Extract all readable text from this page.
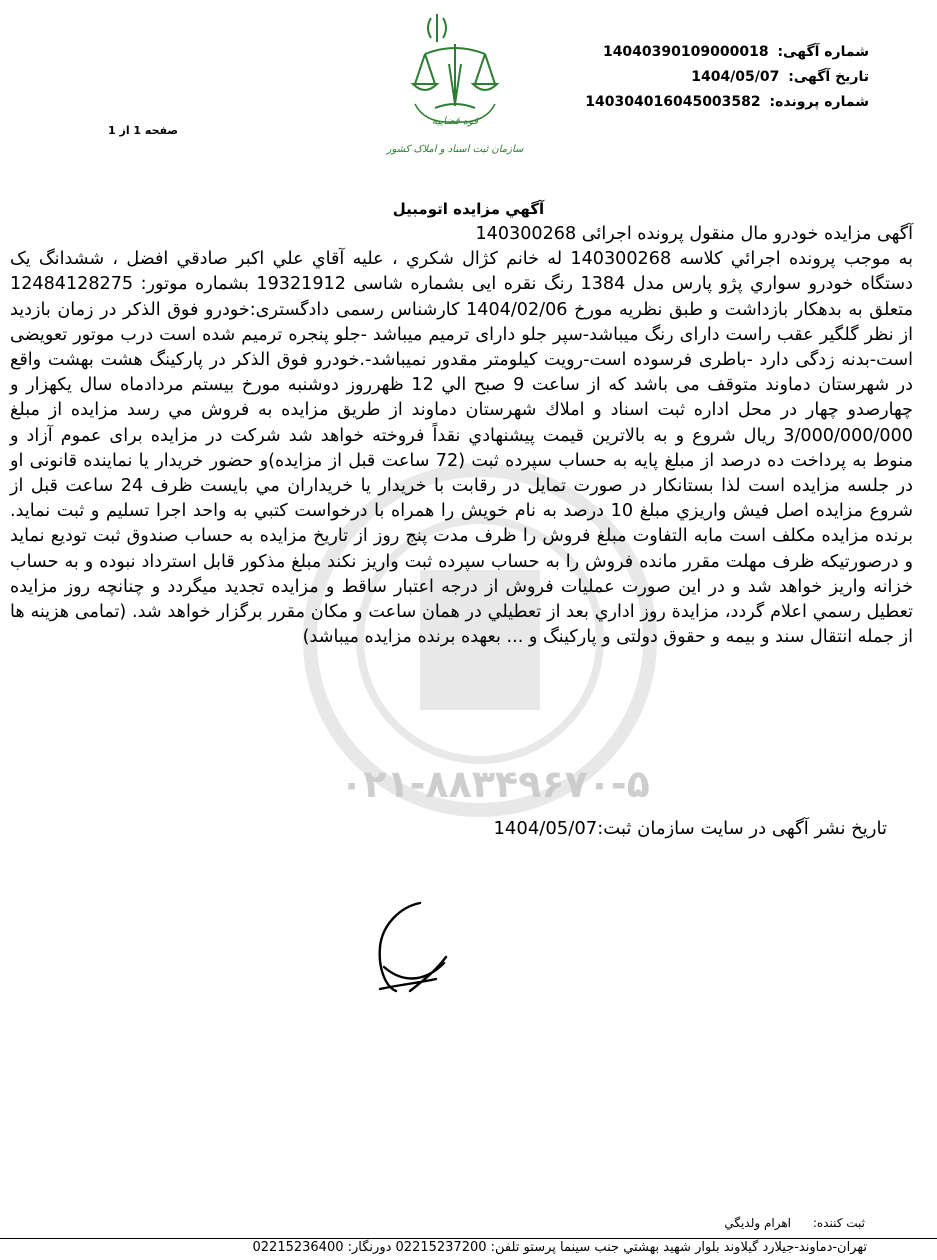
قوه قضاییه
سازمان ثبت اسناد و املاک کشور
شماره آگهی: 14040390109000018
تاریخ آگهی: 1404/05/07
شماره پرونده: 14030401604500358​2
صفحه 1 از 1
۰۲۱-۸۸۳۴۹۶۷۰-۵
آگهي مزایده اتومبیل

آگهی مزایده خودرو مال منقول پرونده اجرائی 140300268

به موجب پرونده اجرائي كلاسه 140300268 له خانم كژال شكري ، علیه آقاي علي اكبر صادقي افضل ، ششدانگ یک دستگاه خودرو سواري پژو پارس مدل 1384 رنگ نقره ایی بشماره شاسی 19321912 بشماره موتور: 12484128275 متعلق به بدهکار بازداشت و طبق نظریه مورخ 1404/02/06 کارشناس رسمی دادگستری:خودرو فوق الذکر در زمان بازدید از نظر گلگیر عقب راست دارای رنگ میباشد-سپر جلو دارای ترمیم میباشد -جلو پنجره ترمیم شده است درب موتور تعویضی است-بدنه زدگی دارد -باطری فرسوده است-رویت کیلومتر مقدور نمیباشد-.خودرو فوق الذکر در پارکینگ هشت بهشت واقع در شهرستان دماوند متوقف می باشد که از ساعت 9 صبح الي 12 ظهرروز دوشنبه مورخ بیستم مردادماه سال یکهزار و چهارصدو چهار در محل اداره ثبت اسناد و املاك شهرستان دماوند از طريق مزايده به فروش مي رسد مزايده از مبلغ 3/000/000/000 ريال شروع و به بالاترين قيمت پيشنهادي نقداً فروخته خواهد شد شركت در مزایده برای عموم آزاد و منوط به پرداخت ده درصد از مبلغ پایه به حساب سپرده ثبت (72 ساعت قبل از مزایده)و حضور خریدار یا نماینده قانونی او در جلسه مزایده است لذا بستانکار در صورت تمایل در رقابت با خريدار يا خريداران مي بايست ظرف 24 ساعت قبل از شروع مزايده اصل فيش واريزي مبلغ 10 درصد به نام خويش را همراه با درخواست كتبي به واحد اجرا تسليم و ثبت نمايد. برنده مزايده مكلف است مابه التفاوت مبلغ فروش را ظرف مدت پنج روز از تاريخ مزايده به حساب صندوق ثبت توديع نمايد و درصورتيكه ظرف مهلت مقرر مانده فروش را به حساب سپرده ثبت واريز نكند مبلغ مذكور قابل استرداد نبوده و به حساب خزانه واريز خواهد شد و در اين صورت عمليات فروش از درجه اعتبار ساقط و مزايده تجديد ميگردد و چنانچه روز مزايده تعطيل رسمي اعلام گردد، مزايدة روز اداري بعد از تعطيلي در همان ساعت و مكان مقرر برگزار خواهد شد. (تمامی هزینه ها از جمله انتقال سند و بیمه و حقوق دولتی و پارکینگ و ... بعهده برنده مزایده میباشد)

تاریخ نشر آگهی در سایت سازمان ثبت:1404/05/07
ثبت كننده: اهرام ولديگي
تهران-دماوند-جيلارد گيلاوند بلوار شهيد بهشتي جنب سينما پرستو تلفن: 02215237200 دورنگار: 02215236400
